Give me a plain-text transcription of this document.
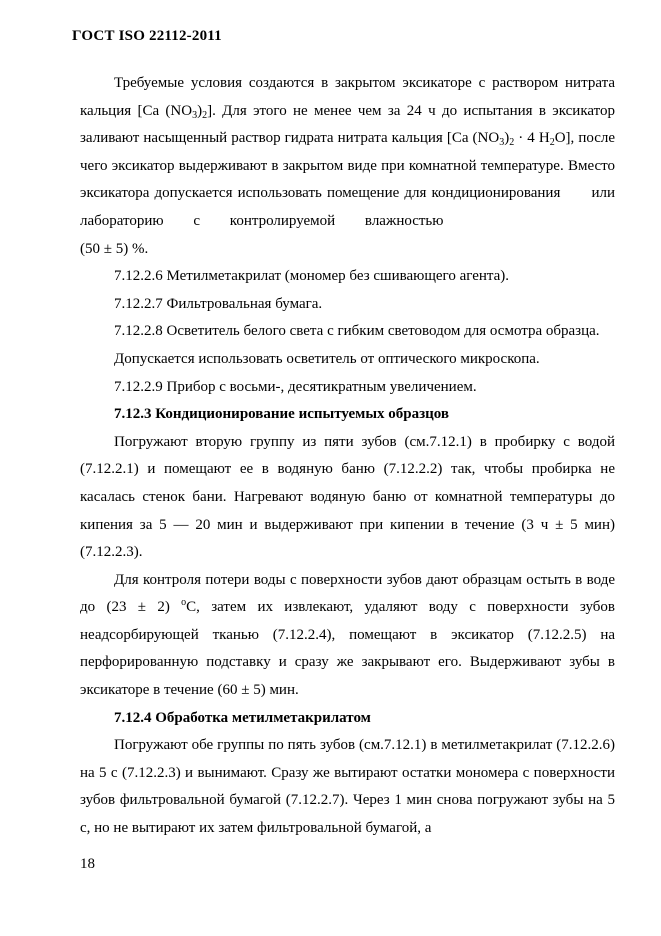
ГОСТ ISO 22112-2011

Требуемые условия создаются в закрытом эксикаторе с раствором нитрата кальция [Ca $(NO_3)_2$]. Для этого не менее чем за 24 ч до испытания в эксикатор заливают насыщенный раствор гидрата нитрата кальция [Ca $(NO_3)_2 \cdot 4$ $H_2O$], после чего эксикатор выдерживают в закрытом виде при комнатной температуре. Вместо эксикатора допускается использовать помещение для кондиционирования или лабораторию с контролируемой влажностью

(50 ± 5) %.

7.12.2.6 Метилметакрилат (мономер без сшивающего агента).

7.12.2.7 Фильтровальная бумага.

7.12.2.8 Осветитель белого света с гибким световодом для осмотра образца.

Допускается использовать осветитель от оптического микроскопа.

7.12.2.9 Прибор с восьми-, десятикратным увеличением.

7.12.3 Кондиционирование испытуемых образцов

Погружают вторую группу из пяти зубов (см.7.12.1) в пробирку с водой (7.12.2.1) и помещают ее в водяную баню (7.12.2.2) так, чтобы пробирка не касалась стенок бани. Нагревают водяную баню от комнатной температуры до кипения за 5 — 20 мин и выдерживают при кипении в течение (3 ч ± 5 мин) (7.12.2.3).

Для контроля потери воды с поверхности зубов дают образцам остыть в воде до (23 ± 2) $^o$C, затем их извлекают, удаляют воду с поверхности зубов неадсорбирующей тканью (7.12.2.4), помещают в эксикатор (7.12.2.5) на перфорированную подставку и сразу же закрывают его. Выдерживают зубы в эксикаторе в течение (60 ± 5) мин.

7.12.4 Обработка метилметакрилатом

Погружают обе группы по пять зубов (см.7.12.1) в метилметакрилат (7.12.2.6) на 5 с (7.12.2.3) и вынимают. Сразу же вытирают остатки мономера с поверхности зубов фильтровальной бумагой (7.12.2.7). Через 1 мин снова погружают зубы на 5 с, но не вытирают их затем фильтровальной бумагой, а

18
